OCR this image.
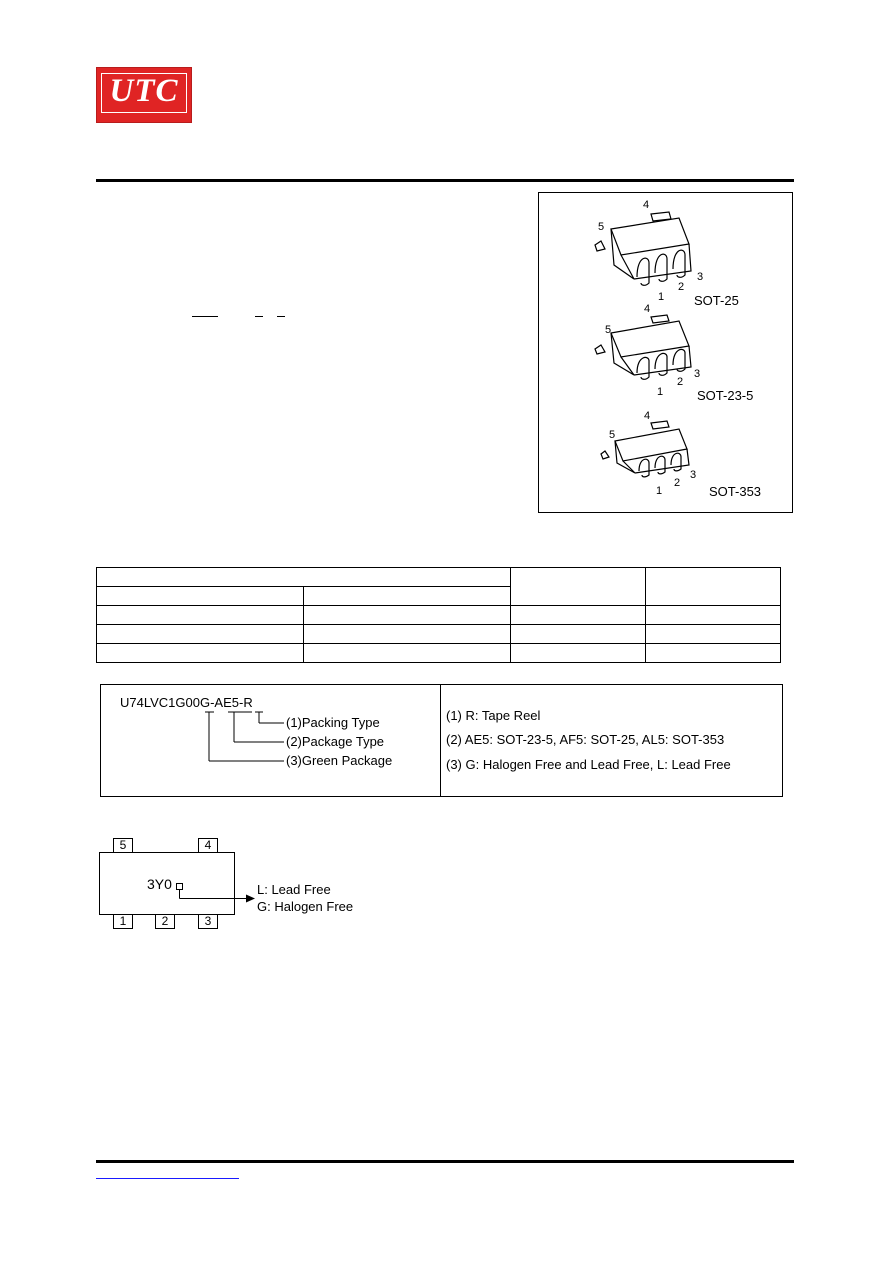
UTC
4
5
1
2
3
SOT-25
4
5
1
2
3
SOT-23-5
4
5
1
2
3
SOT-353

U74LVC1G00G-AE5-R
(1)Packing Type
(2)Package Type
(3)Green Package
(1) R: Tape Reel
(2) AE5: SOT-23-5, AF5: SOT-25, AL5: SOT-353
(3) G: Halogen Free and Lead Free, L: Lead Free
5	4
1	2	3
3Y0	L: Lead Free
G: Halogen Free
